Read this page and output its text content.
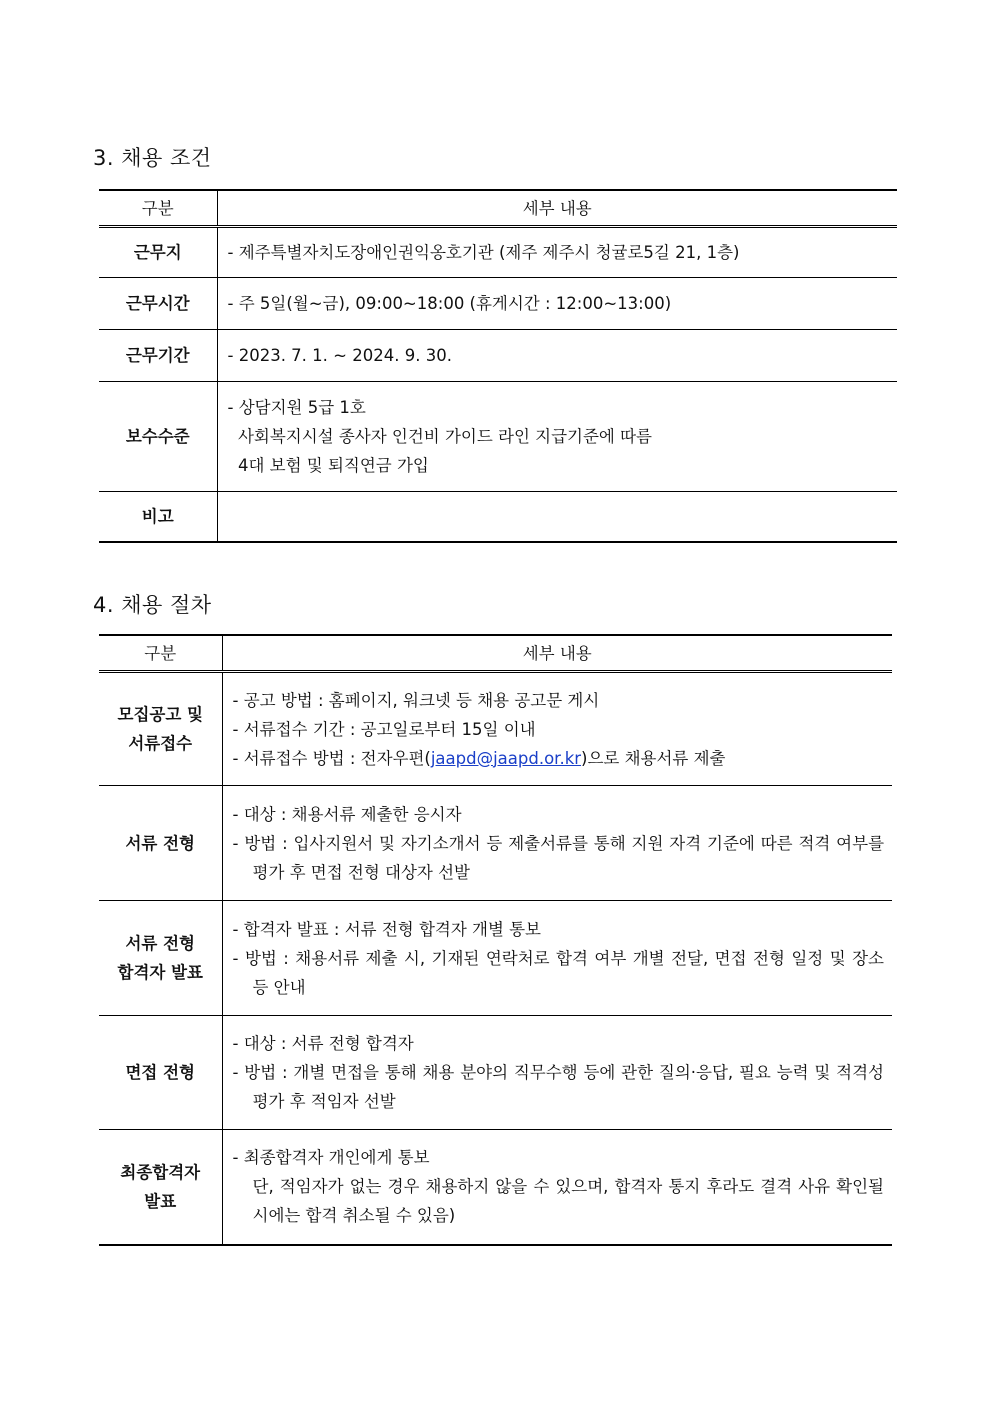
3. 채용 조건
구분	세부 내용
근무지	- 제주특별자치도장애인권익옹호기관 (제주 제주시 청귤로5길 21, 1층)

근무시간	- 주 5일(월~금), 09:00~18:00 (휴게시간 : 12:00~13:00)

근무기간	- 2023. 7. 1. ~ 2024. 9. 30.

보수수준	- 상담지원 5급 1호
사회복지시설 종사자 인건비 가이드 라인 지급기준에 따름
4대 보험 및 퇴직연금 가입

비고	
4. 채용 절차
구분	세부 내용

모집공고 및
서류접수	- 공고 방법 : 홈페이지, 워크넷 등 채용 공고문 게시
- 서류접수 기간 : 공고일로부터 15일 이내
- 서류접수 방법 : 전자우편(jaapd@jaapd.or.kr)으로 채용서류 제출

서류 전형	- 대상 : 채용서류 제출한 응시자
- 방법 : 입사지원서 및 자기소개서 등 제출서류를 통해 지원 자격 기준에 따른 적격 여부를 평가 후 면접 전형 대상자 선발

서류 전형
합격자 발표	- 합격자 발표 : 서류 전형 합격자 개별 통보
- 방법 : 채용서류 제출 시, 기재된 연락처로 합격 여부 개별 전달, 면접 전형 일정 및 장소 등 안내

면접 전형	- 대상 : 서류 전형 합격자
- 방법 : 개별 면접을 통해 채용 분야의 직무수행 등에 관한 질의·응답, 필요 능력 및 적격성 평가 후 적임자 선발

최종합격자
발표	- 최종합격자 개인에게 통보
단, 적임자가 없는 경우 채용하지 않을 수 있으며, 합격자 통지 후라도 결격 사유 확인될 시에는 합격 취소될 수 있음)
